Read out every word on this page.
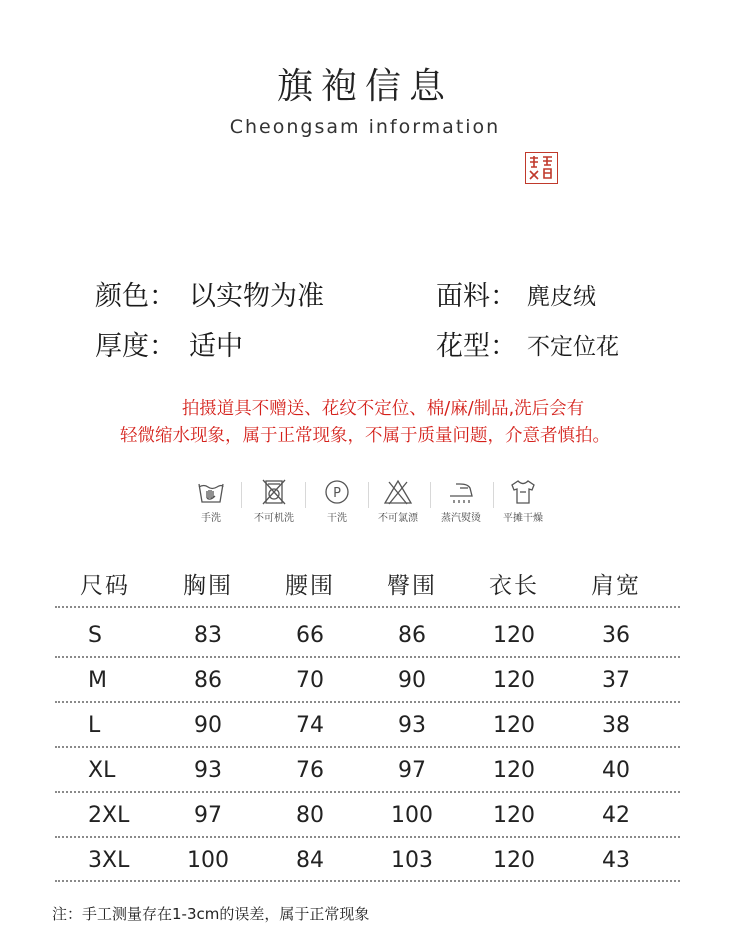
旗袍信息
Cheongsam information
颜色： 以实物为准	面料： 麂皮绒
厚度： 适中	花型： 不定位花
拍摄道具不赠送、花纹不定位、棉/麻/制品,洗后会有
轻微缩水现象，属于正常现象，不属于质量问题，介意者慎拍。
手洗	不可机洗
P
干洗	不可氯漂	蒸汽熨烫	平摊干燥
尺码	胸围	腰围	臀围	衣长	肩宽
S	83	66	86	120	36
M	86	70	90	120	37
L	90	74	93	120	38
XL	93	76	97	120	40
2XL	97	80	100	120	42
3XL	100	84	103	120	43
注：手工测量存在1-3cm的误差，属于正常现象
